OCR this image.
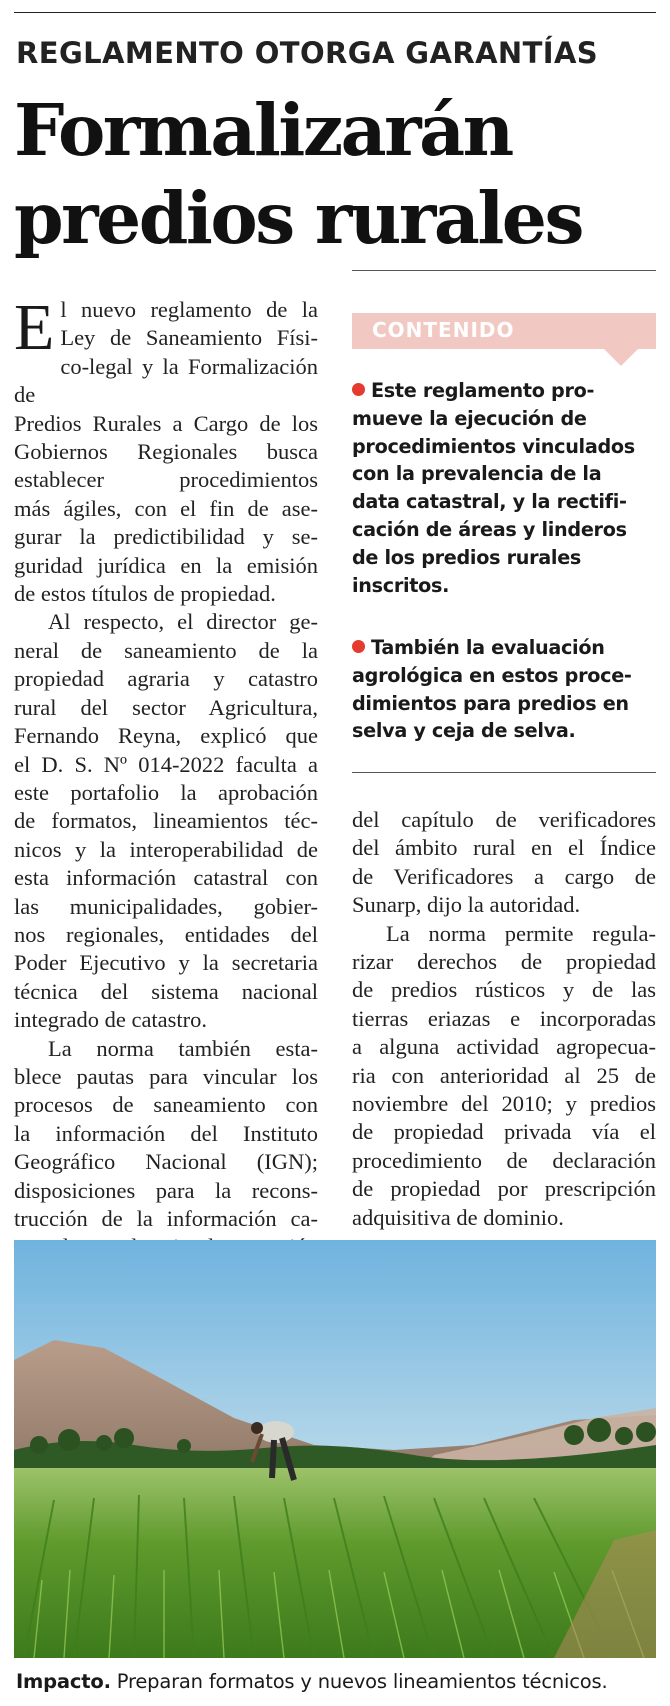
REGLAMENTO OTORGA GARANTÍAS
Formalizarán
predios rurales
E l nuevo reglamento de la

Ley de Saneamiento Físi-

co-legal y la Formalización de

Predios Rurales a Cargo de los

Gobiernos Regionales busca

establecer procedimientos

más ágiles, con el fin de ase-

gurar la predictibilidad y se-

guridad jurídica en la emisión

de estos títulos de propiedad.

Al respecto, el director ge-

neral de saneamiento de la

propiedad agraria y catastro

rural del sector Agricultura,

Fernando Reyna, explicó que

el D. S. Nº 014-2022 faculta a

este portafolio la aprobación

de formatos, lineamientos téc-

nicos y la interoperabilidad de

esta información catastral con

las municipalidades, gobier-

nos regionales, entidades del

Poder Ejecutivo y la secretaria

técnica del sistema nacional

integrado de catastro.

La norma también esta-

blece pautas para vincular los

procesos de saneamiento con

la información del Instituto

Geográfico Nacional (IGN);

disposiciones para la recons-

trucción de la información ca-

CONTENIDO
Este reglamento pro-
mueve la ejecución de
procedimientos vinculados
con la prevalencia de la
data catastral, y la rectifi-
cación de áreas y linderos
de los predios rurales
inscritos.
También la evaluación
agrológica en estos proce-
dimientos para predios en
selva y ceja de selva.

del capítulo de verificadores

del ámbito rural en el Índice

de Verificadores a cargo de

Sunarp, dijo la autoridad.

La norma permite regula-

rizar derechos de propiedad

de predios rústicos y de las

tierras eriazas e incorporadas

a alguna actividad agropecua-

ria con anterioridad al 25 de

noviembre del 2010; y predios

de propiedad privada vía el

procedimiento de declaración

de propiedad por prescripción

adquisitiva de dominio.

Impacto. Preparan formatos y nuevos lineamientos técnicos.
